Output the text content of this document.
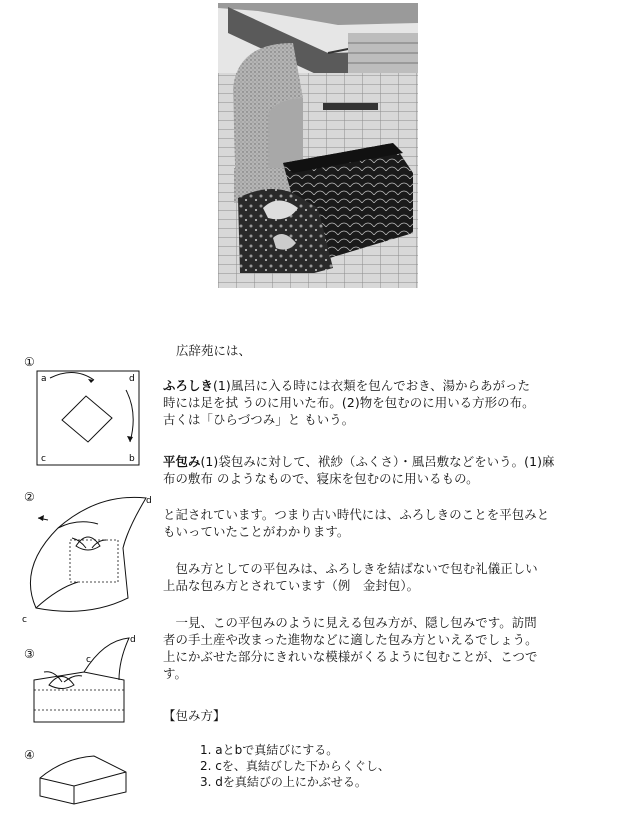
広辞苑には、
ふろしき(1)風呂に入る時には衣類を包んでおき、湯からあがった
時には足を拭 うのに用いた布。(2)物を包むのに用いる方形の布。
古くは「ひらづつみ」と もいう。
平包み(1)袋包みに対して、袱紗（ふくさ）・風呂敷などをいう。(1)麻
布の敷布 のようなもので、寝床を包むのに用いるもの。
と記されています。つまり古い時代には、ふろしきのことを平包みと
もいっていたことがわかります。
　包み方としての平包みは、ふろしきを結ばないで包む礼儀正しい
上品な包み方とされています（例　金封包）。
　一見、この平包みのように見える包み方が、隠し包みです。訪問
者の手土産や改まった進物などに適した包み方といえるでしょう。
上にかぶせた部分にきれいな模様がくるように包むことが、こつで
す。
【包み方】
1. aとbで真結びにする。
2. cを、真結びした下からくぐし、
3. dを真結びの上にかぶせる。
①
②
③
④
a	d
c	b
d
c
d
c
